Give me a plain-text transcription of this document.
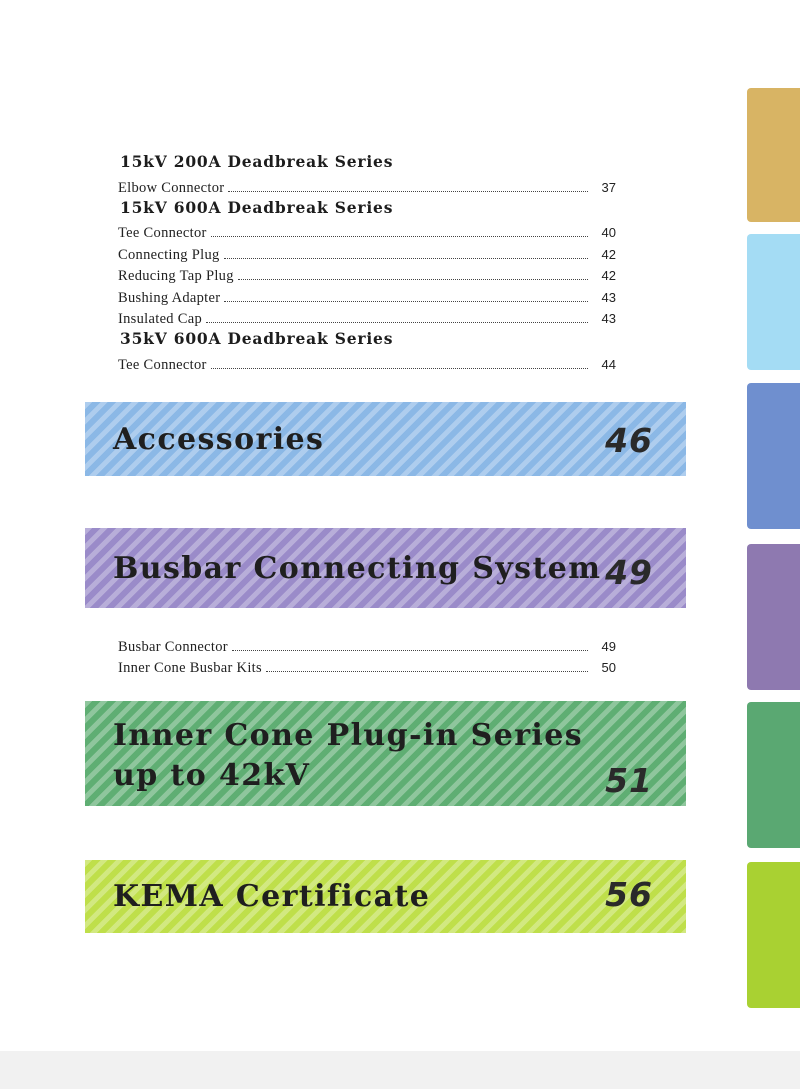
15kV 200A Deadbreak Series
Elbow Connector	37
15kV 600A Deadbreak Series
Tee Connector	40
Connecting Plug	42
Reducing Tap Plug	42
Bushing Adapter	43
Insulated Cap	43
35kV 600A Deadbreak Series
Tee Connector	44
Accessories	46
Busbar Connecting System 49
Busbar Connector	49
Inner Cone Busbar Kits	50
Inner Cone Plug-in Series
up to 42kV	51
KEMA Certificate	56
